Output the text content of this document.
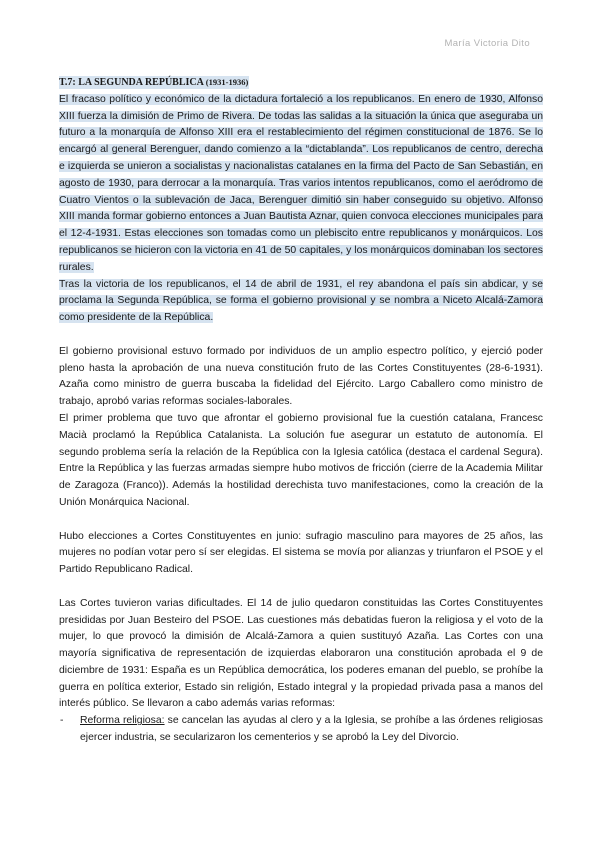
María Victoria Dito

T.7: LA SEGUNDA REPÚBLICA (1931-1936)

El fracaso político y económico de la dictadura fortaleció a los republicanos. En enero de 1930, Alfonso XIII fuerza la dimisión de Primo de Rivera. De todas las salidas a la situación la única que aseguraba un futuro a la monarquía de Alfonso XIII era el restablecimiento del régimen constitucional de 1876. Se lo encargó al general Berenguer, dando comienzo a la “dictablanda”. Los republicanos de centro, derecha e izquierda se unieron a socialistas y nacionalistas catalanes en la firma del Pacto de San Sebastián, en agosto de 1930, para derrocar a la monarquía. Tras varios intentos republicanos, como el aeródromo de Cuatro Vientos o la sublevación de Jaca, Berenguer dimitió sin haber conseguido su objetivo. Alfonso XIII manda formar gobierno entonces a Juan Bautista Aznar, quien convoca elecciones municipales para el 12-4-1931. Estas elecciones son tomadas como un plebiscito entre republicanos y monárquicos. Los republicanos se hicieron con la victoria en 41 de 50 capitales, y los monárquicos dominaban los sectores rurales.

Tras la victoria de los republicanos, el 14 de abril de 1931, el rey abandona el país sin abdicar, y se proclama la Segunda República, se forma el gobierno provisional y se nombra a Niceto Alcalá-Zamora como presidente de la República.

El gobierno provisional estuvo formado por individuos de un amplio espectro político, y ejerció poder pleno hasta la aprobación de una nueva constitución fruto de las Cortes Constituyentes (28-6-1931). Azaña como ministro de guerra buscaba la fidelidad del Ejército. Largo Caballero como ministro de trabajo, aprobó varias reformas sociales-laborales.

El primer problema que tuvo que afrontar el gobierno provisional fue la cuestión catalana, Francesc Macià proclamó la República Catalanista. La solución fue asegurar un estatuto de autonomía. El segundo problema sería la relación de la República con la Iglesia católica (destaca el cardenal Segura). Entre la República y las fuerzas armadas siempre hubo motivos de fricción (cierre de la Academia Militar de Zaragoza (Franco)). Además la hostilidad derechista tuvo manifestaciones, como la creación de la Unión Monárquica Nacional.

Hubo elecciones a Cortes Constituyentes en junio: sufragio masculino para mayores de 25 años, las mujeres no podían votar pero sí ser elegidas. El sistema se movía por alianzas y triunfaron el PSOE y el Partido Republicano Radical.

Las Cortes tuvieron varias dificultades. El 14 de julio quedaron constituidas las Cortes Constituyentes presididas por Juan Besteiro del PSOE. Las cuestiones más debatidas fueron la religiosa y el voto de la mujer, lo que provocó la dimisión de Alcalá-Zamora a quien sustituyó Azaña. Las Cortes con una mayoría significativa de representación de izquierdas elaboraron una constitución aprobada el 9 de diciembre de 1931: España es un República democrática, los poderes emanan del pueblo, se prohíbe la guerra en política exterior, Estado sin religión, Estado integral y la propiedad privada pasa a manos del interés público. Se llevaron a cabo además varias reformas:

- Reforma religiosa: se cancelan las ayudas al clero y a la Iglesia, se prohíbe a las órdenes religiosas ejercer industria, se secularizaron los cementerios y se aprobó la Ley del Divorcio.
